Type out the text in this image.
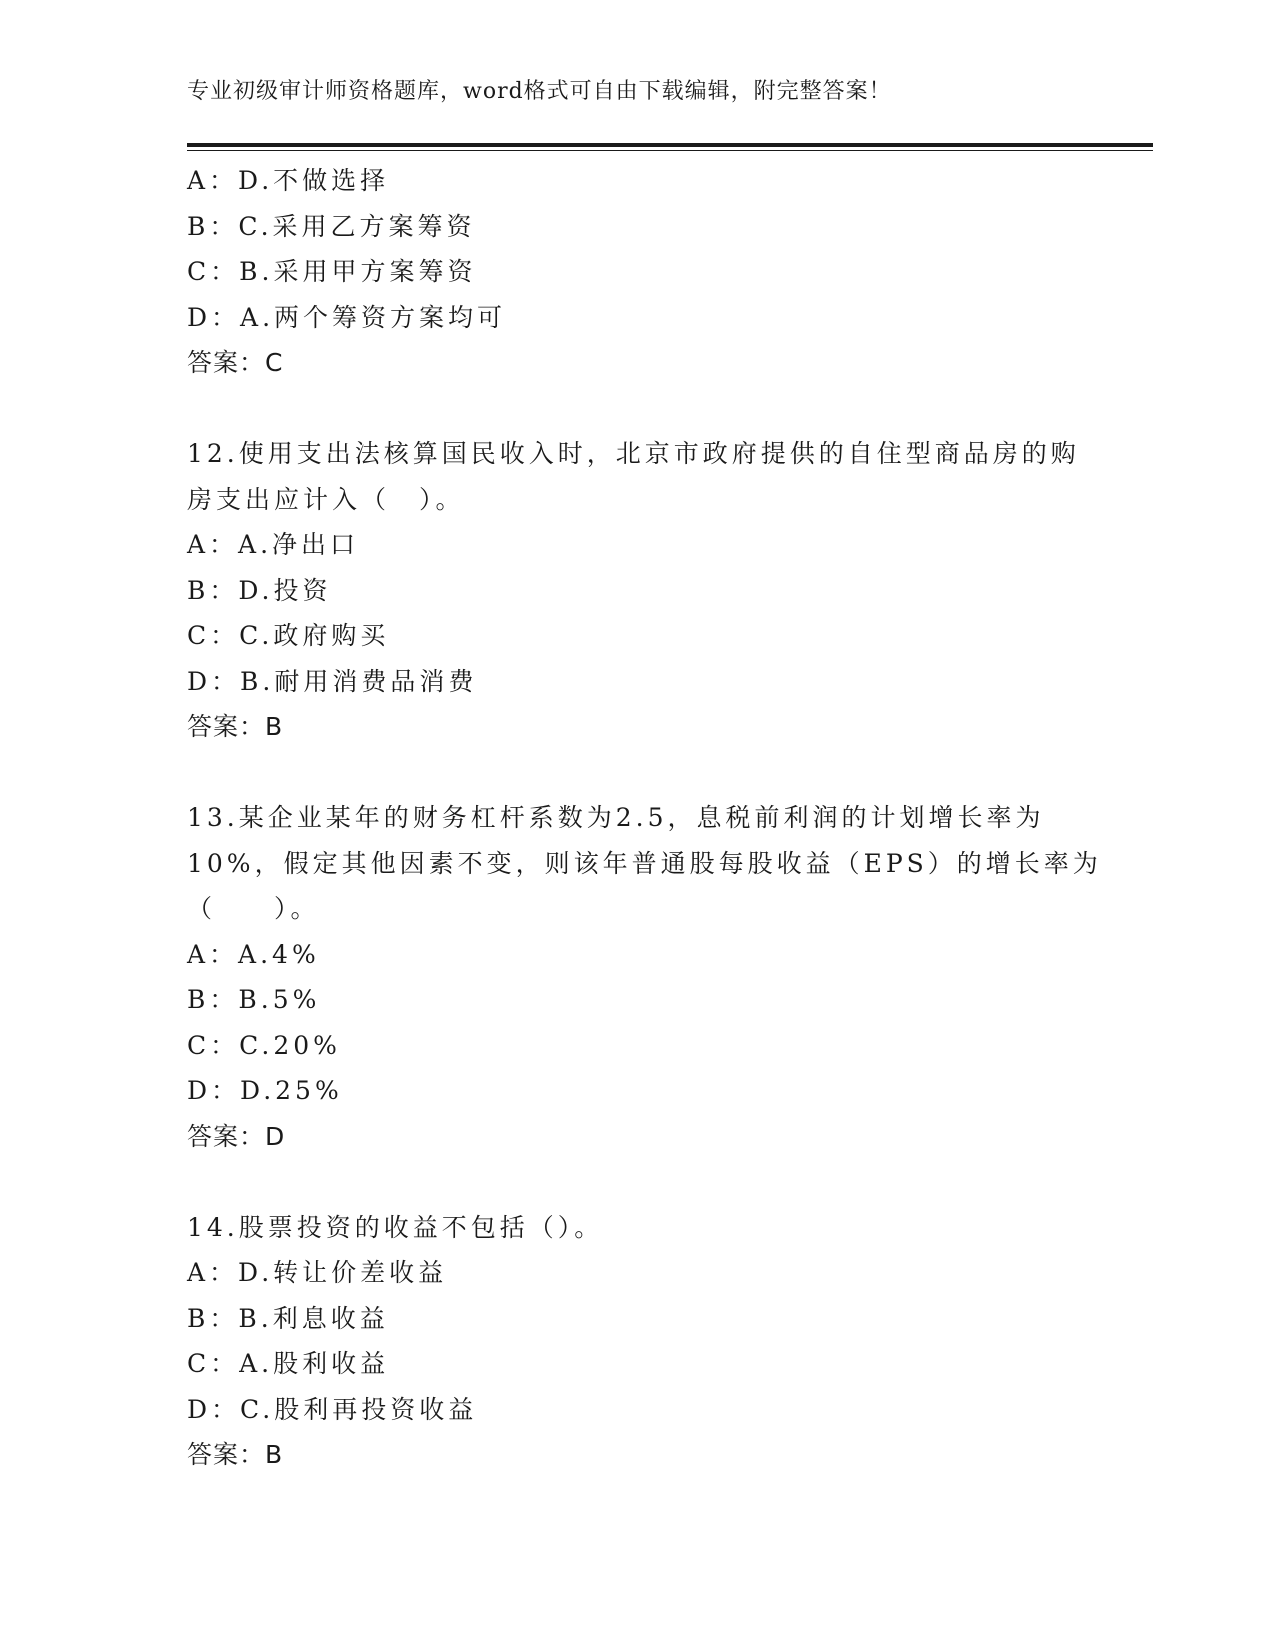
专业初级审计师资格题库，word格式可自由下载编辑，附完整答案！
A：D.不做选择
B：C.采用乙方案筹资
C：B.采用甲方案筹资
D：A.两个筹资方案均可
答案：C
12.使用支出法核算国民收入时，北京市政府提供的自住型商品房的购
房支出应计入（　）。
A：A.净出口
B：D.投资
C：C.政府购买
D：B.耐用消费品消费
答案：B
13.某企业某年的财务杠杆系数为2.5，息税前利润的计划增长率为
10%，假定其他因素不变，则该年普通股每股收益（EPS）的增长率为
（　　）。
A：A.4%
B：B.5%
C：C.20%
D：D.25%
答案：D
14.股票投资的收益不包括（）。
A：D.转让价差收益
B：B.利息收益
C：A.股利收益
D：C.股利再投资收益
答案：B
